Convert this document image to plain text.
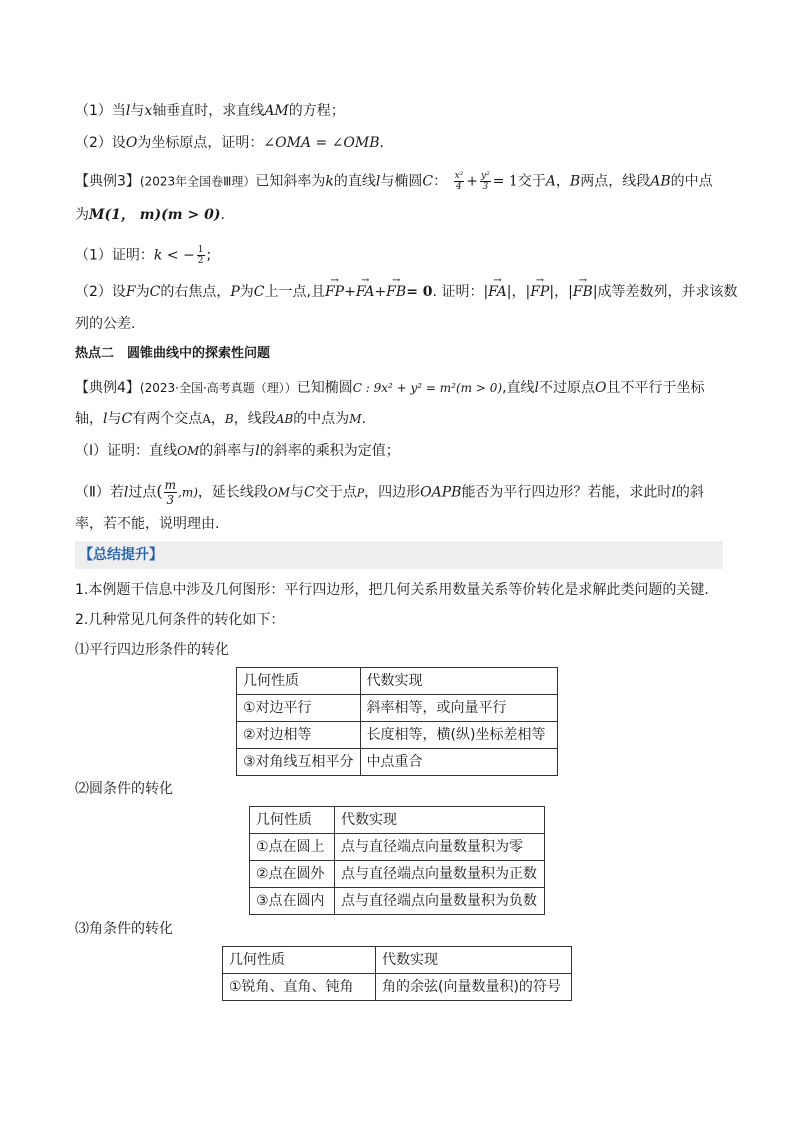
（1）当l与x轴垂直时，求直线AM的方程；
（2）设O为坐标原点，证明：∠OMA = ∠OMB.
【典例3】(2023年全国卷Ⅲ理）已知斜率为k的直线l与椭圆C： $\frac{\text{x²}}{4} + \frac{\text{y²}}{3} = 1$交于A，B两点，线段AB的中点
为M(1， m)(m > 0).
（1）证明：k < − $\frac{1}{2}$ ;
（2）设F为C的右焦点，P为C上一点,且→ FP+→ FA+→ FB= 𝟎. 证明：|→ FA|，|→ FP|，|→ FB|成等差数列，并求该数
列的公差.
热点二　圆锥曲线中的探索性问题
【典例4】(2023·全国·高考真题（理））已知椭圆C : 9x² + y² = m²(m > 0),直线l不过原点O且不平行于坐标
轴，l与C有两个交点A，B，线段AB的中点为M.
（Ⅰ）证明：直线OM的斜率与l的斜率的乘积为定值；
（Ⅱ）若l过点( $\frac{m}{3} ,m$)，延长线段OM与C交于点P，四边形OAPB能否为平行四边形？若能，求此时l的斜
率，若不能，说明理由.
【总结提升】
1.本例题干信息中涉及几何图形：平行四边形，把几何关系用数量关系等价转化是求解此类问题的关键.
2.几种常见几何条件的转化如下：
⑴平行四边形条件的转化
几何性质	代数实现
①对边平行	斜率相等，或向量平行
②对边相等	长度相等，横(纵)坐标差相等
③对角线互相平分	中点重合
⑵圆条件的转化
几何性质	代数实现
①点在圆上	点与直径端点向量数量积为零
②点在圆外	点与直径端点向量数量积为正数
③点在圆内	点与直径端点向量数量积为负数
⑶角条件的转化
几何性质	代数实现
①锐角、直角、钝角	角的余弦(向量数量积)的符号
